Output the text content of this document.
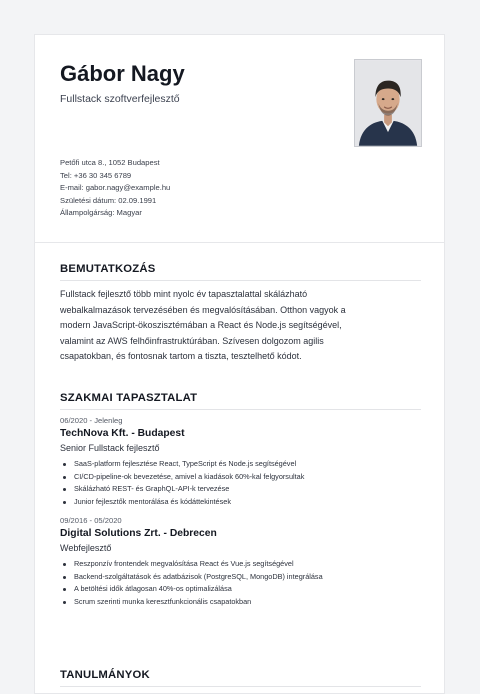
Gábor Nagy
Fullstack szoftverfejlesztő
Petőfi utca 8., 1052 Budapest
Tel: +36 30 345 6789
E-mail: gabor.nagy@example.hu
Születési dátum: 02.09.1991
Állampolgárság: Magyar
BEMUTATKOZÁS

Fullstack fejlesztő több mint nyolc év tapasztalattal skálázható
webalkalmazások tervezésében és megvalósításában. Otthon vagyok a
modern JavaScript-ökoszisztémában a React és Node.js segítségével,
valamint az AWS felhőinfrastruktúrában. Szívesen dolgozom agilis
csapatokban, és fontosnak tartom a tiszta, tesztelhető kódot.

SZAKMAI TAPASZTALAT
06/2020 - Jelenleg
TechNova Kft. - Budapest
Senior Fullstack fejlesztő
SaaS-platform fejlesztése React, TypeScript és Node.js segítségével
CI/CD-pipeline-ok bevezetése, amivel a kiadások 60%-kal felgyorsultak
Skálázható REST- és GraphQL-API-k tervezése
Junior fejlesztők mentorálása és kódáttekintések
09/2016 - 05/2020
Digital Solutions Zrt. - Debrecen
Webfejlesztő
Reszponzív frontendek megvalósítása React és Vue.js segítségével
Backend-szolgáltatások és adatbázisok (PostgreSQL, MongoDB) integrálása
A betöltési idők átlagosan 40%-os optimalizálása
Scrum szerinti munka keresztfunkcionális csapatokban
TANULMÁNYOK
